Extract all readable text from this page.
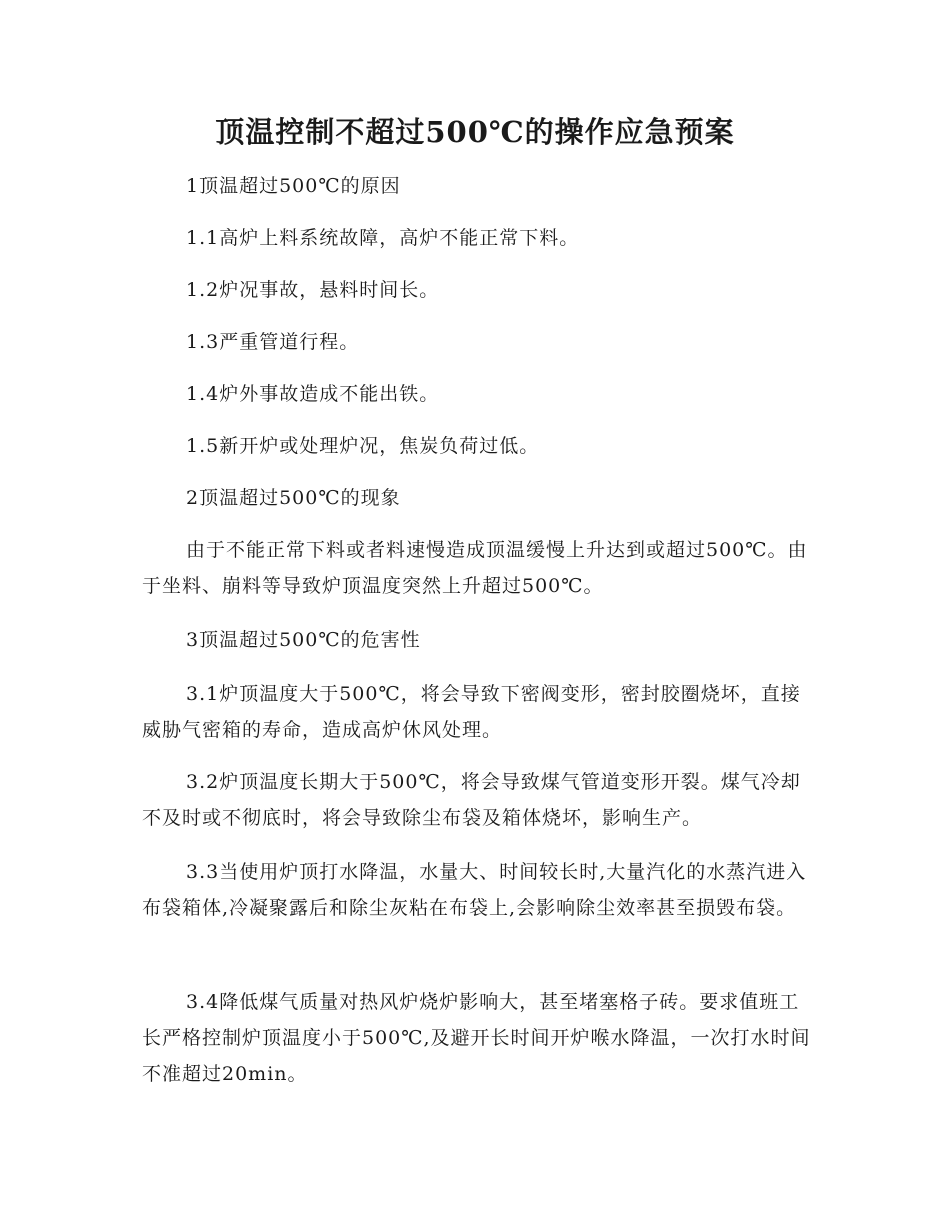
顶温控制不超过500℃的操作应急预案

1顶温超过500℃的原因

1.1高炉上料系统故障，高炉不能正常下料。

1.2炉况事故，悬料时间长。

1.3严重管道行程。

1.4炉外事故造成不能出铁。

1.5新开炉或处理炉况，焦炭负荷过低。

2顶温超过500℃的现象

由于不能正常下料或者料速慢造成顶温缓慢上升达到或超过500℃。由于坐料、崩料等导致炉顶温度突然上升超过500℃。

3顶温超过500℃的危害性

3.1炉顶温度大于500℃，将会导致下密阀变形，密封胶圈烧坏，直接威胁气密箱的寿命，造成高炉休风处理。

3.2炉顶温度长期大于500℃，将会导致煤气管道变形开裂。煤气冷却不及时或不彻底时，将会导致除尘布袋及箱体烧坏，影响生产。

3.3当使用炉顶打水降温，水量大、时间较长时,大量汽化的水蒸汽进入布袋箱体,冷凝聚露后和除尘灰粘在布袋上,会影响除尘效率甚至损毁布袋。

3.4降低煤气质量对热风炉烧炉影响大，甚至堵塞格子砖。要求值班工长严格控制炉顶温度小于500℃,及避开长时间开炉喉水降温，一次打水时间不准超过20min。
